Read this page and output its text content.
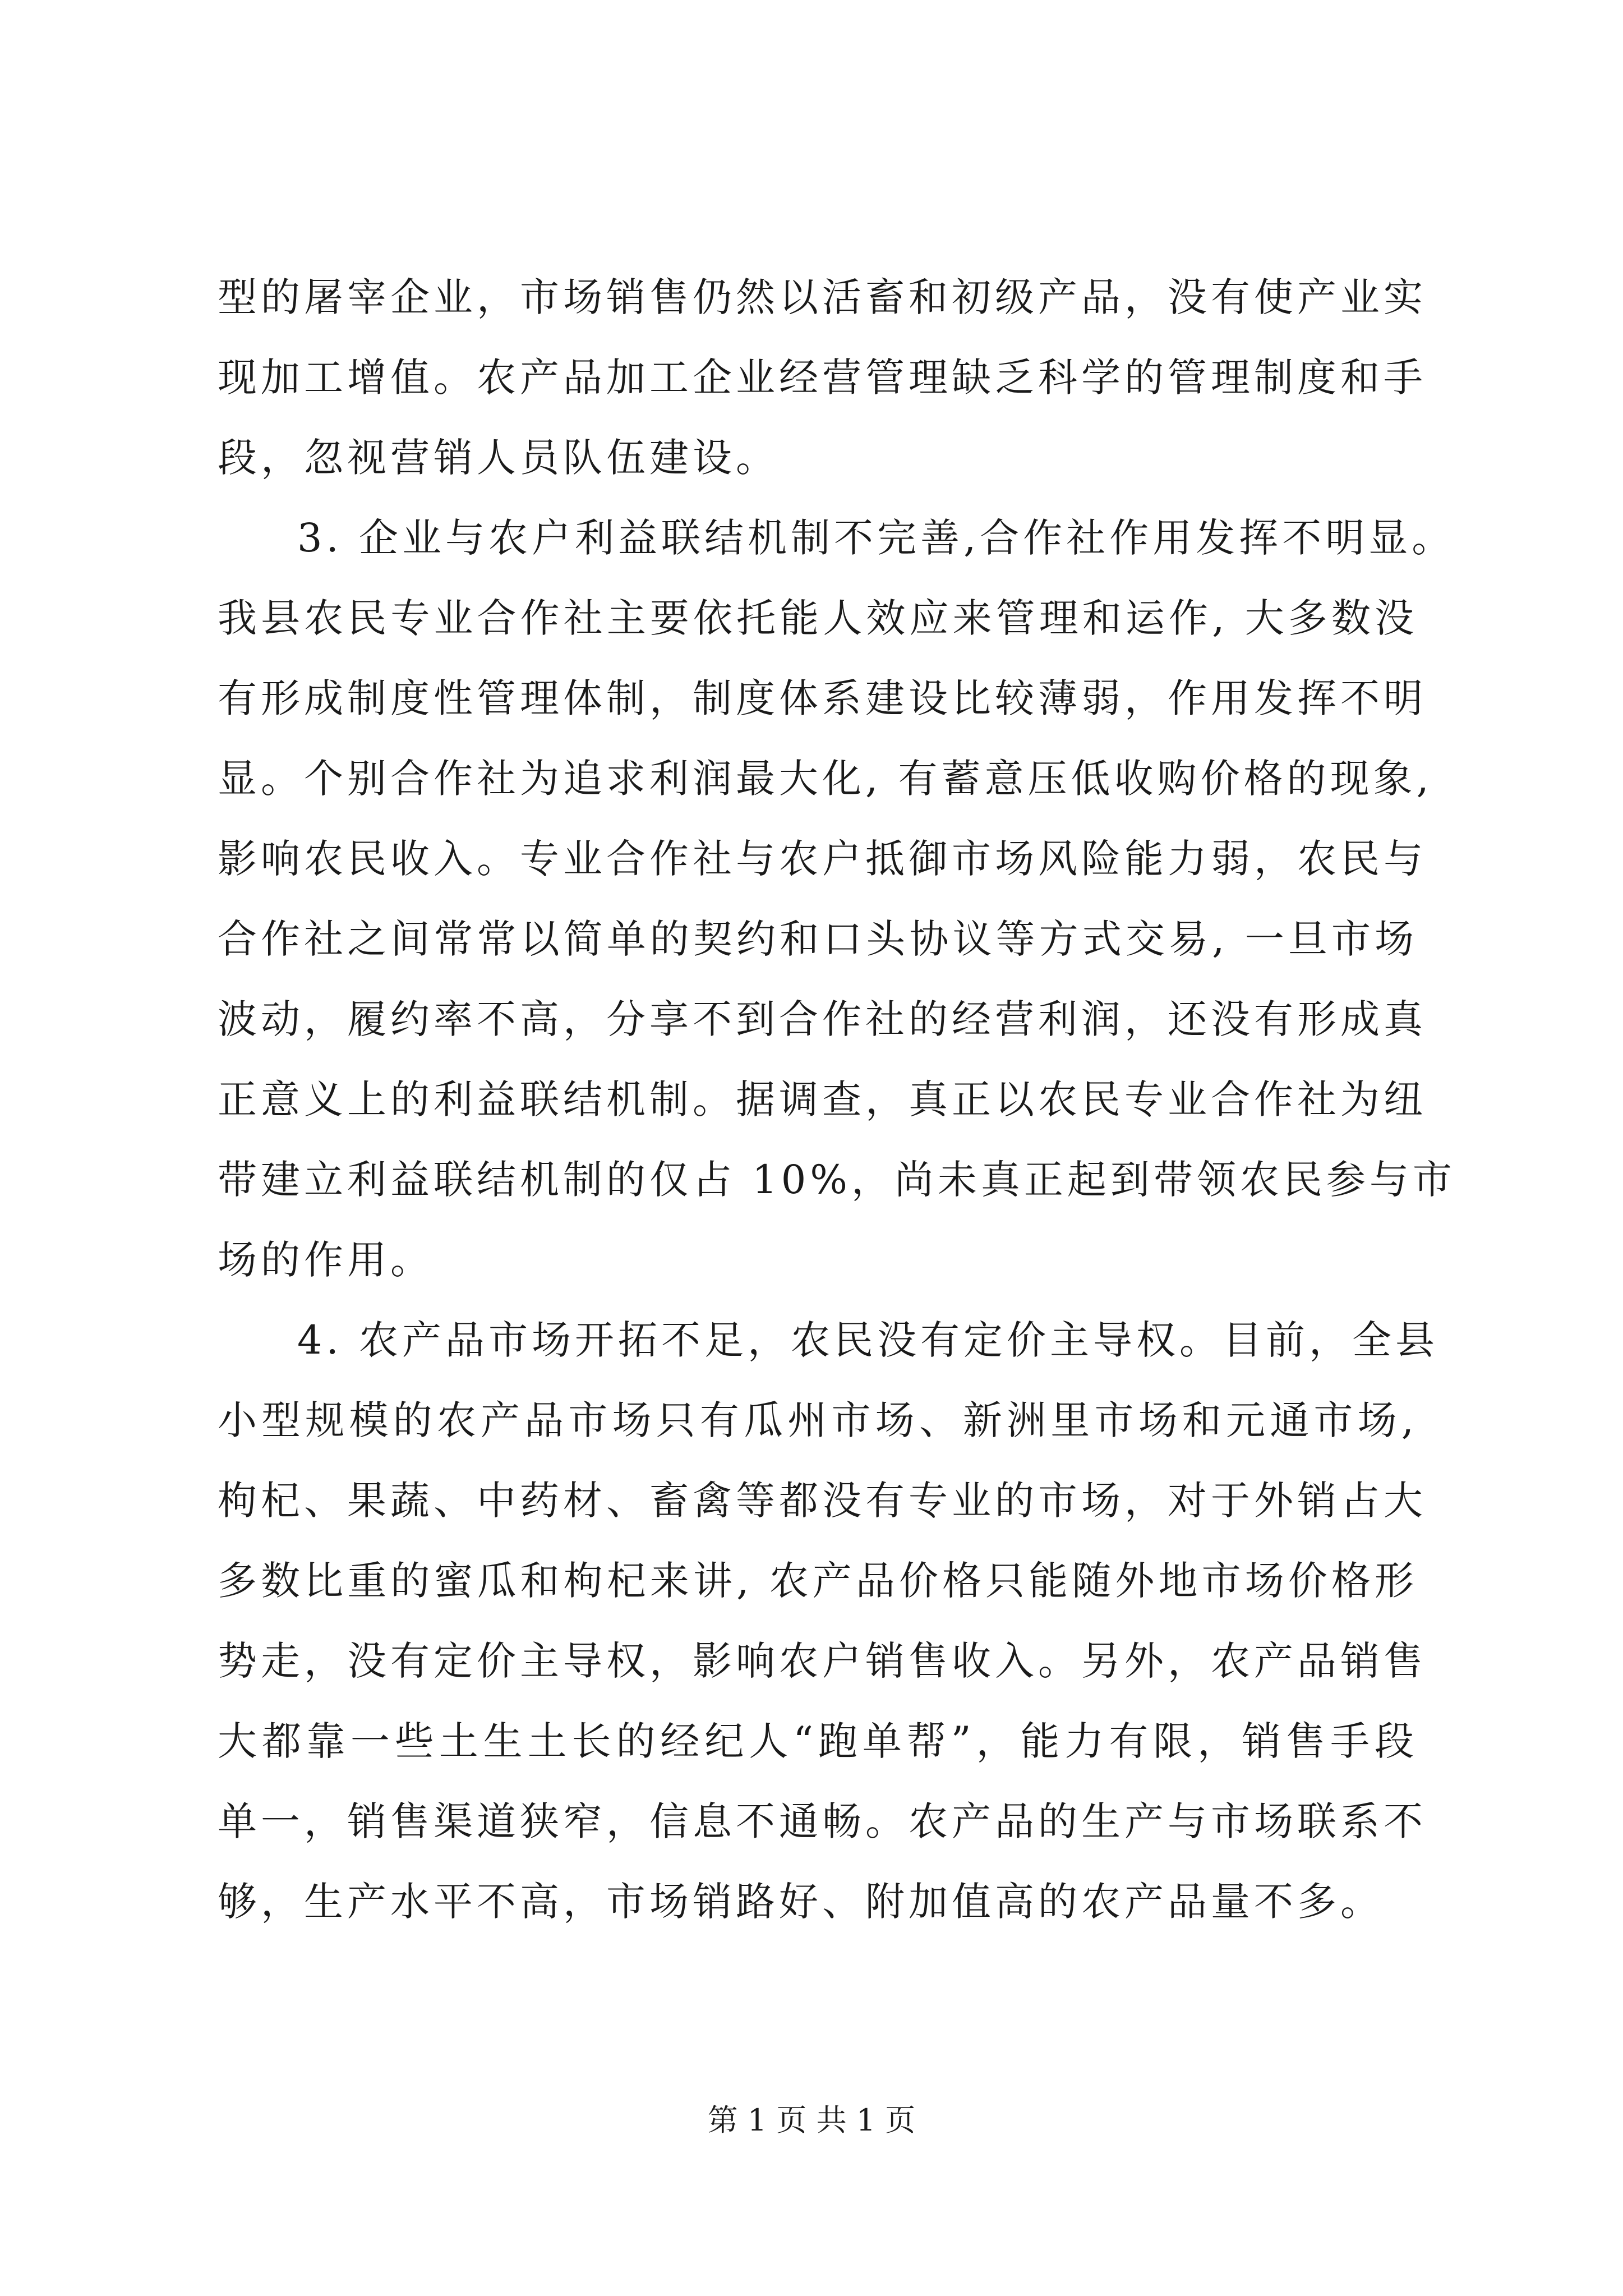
型的屠宰企业，市场销售仍然以活畜和初级产品，没有使产业实
现加工增值。农产品加工企业经营管理缺乏科学的管理制度和手
段，忽视营销人员队伍建设。
3. 企业与农户利益联结机制不完善,合作社作用发挥不明显。
我县农民专业合作社主要依托能人效应来管理和运作, 大多数没
有形成制度性管理体制，制度体系建设比较薄弱，作用发挥不明
显。个别合作社为追求利润最大化, 有蓄意压低收购价格的现象,
影响农民收入。专业合作社与农户抵御市场风险能力弱，农民与
合作社之间常常以简单的契约和口头协议等方式交易, 一旦市场
波动，履约率不高，分享不到合作社的经营利润，还没有形成真
正意义上的利益联结机制。据调查，真正以农民专业合作社为纽
带建立利益联结机制的仅占 10%，尚未真正起到带领农民参与市
场的作用。
4. 农产品市场开拓不足，农民没有定价主导权。目前，全县
小型规模的农产品市场只有瓜州市场、新洲里市场和元通市场,
枸杞、果蔬、中药材、畜禽等都没有专业的市场，对于外销占大
多数比重的蜜瓜和枸杞来讲, 农产品价格只能随外地市场价格形
势走，没有定价主导权，影响农户销售收入。另外，农产品销售
大都靠一些土生土长的经纪人“跑单帮”，能力有限，销售手段
单一，销售渠道狭窄，信息不通畅。农产品的生产与市场联系不
够，生产水平不高，市场销路好、附加值高的农产品量不多。
第 1 页 共 1 页
